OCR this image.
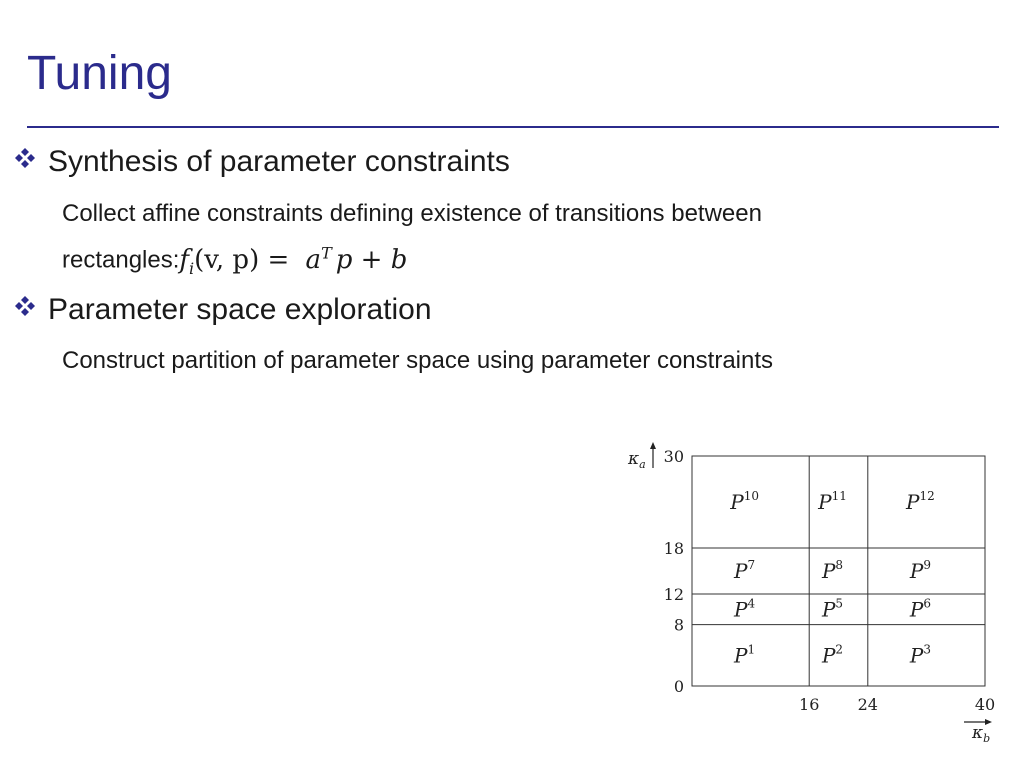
Tuning
Synthesis of parameter constraints
Collect affine constraints defining existence of transitions between
$rectangles:f_i(v$, $p) = a^T$ p + b
Parameter space exploration
Construct partition of parameter space using parameter constraints
$P^1$	$P^2$	$P^3$
$P^4$	$P^5$	$P^6$
$P^7$	$P^8$	$P^9$
$P^{10}$	$P^{11}$	$P^{12}$
0
8
12
18
30
16 24	40
$\kappa_a$
$\kappa_b$
